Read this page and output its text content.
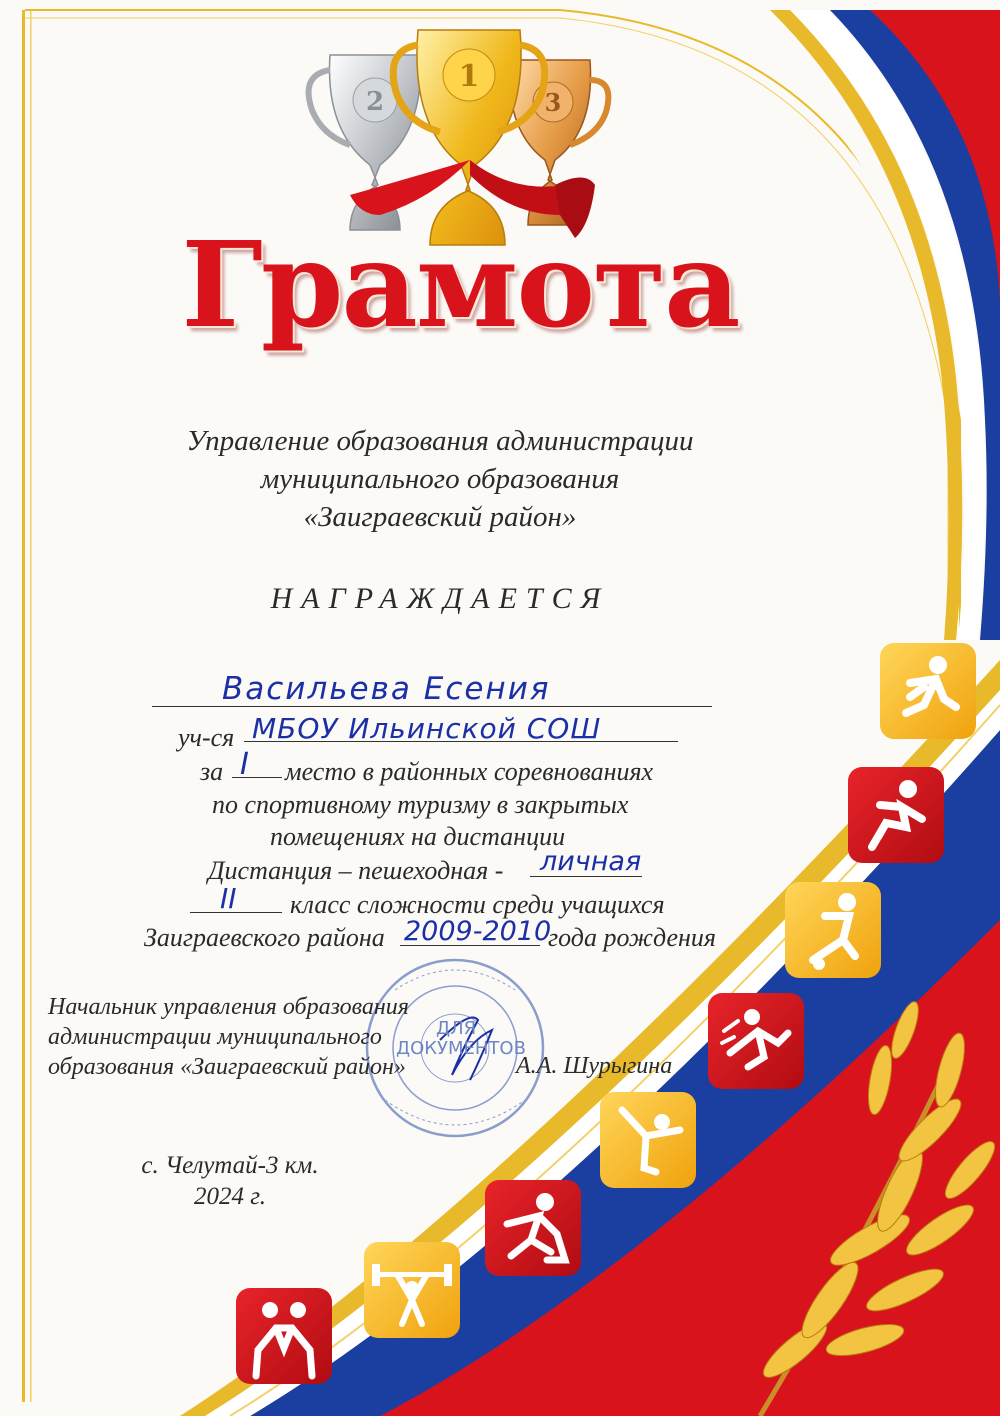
2	3
1
Грамота
Управление образования администрации
муниципального образования
«Заиграевский район»
НАГРАЖДАЕТСЯ
Васильева Есения
уч-ся МБОУ Ильинской СОШ
за I место в районных соревнованиях
по спортивному туризму в закрытых
помещениях на дистанции
Дистанция – пешеходная - личная
II класс сложности среди учащихся
Заиграевского района 2009-2010
года рождения
ДЛЯ
ДОКУМЕНТОВ
Начальник управления образования
администрации муниципального
образования «Заиграевский район»	А.А. Шурыгина
с. Челутай-3 км.
2024 г.
